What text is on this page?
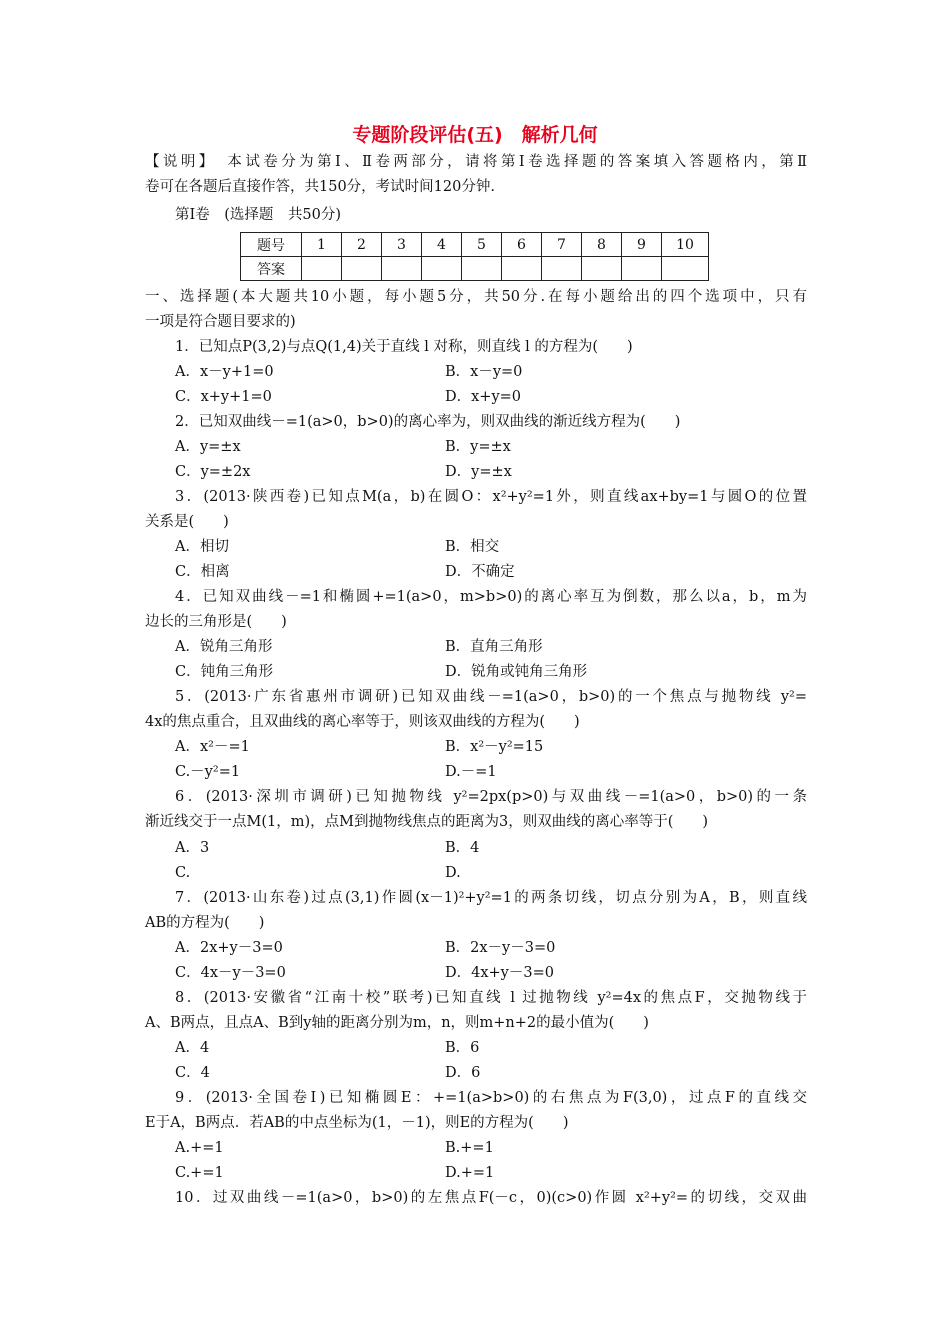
专题阶段评估(五)　解析几何
【说明】　本试卷分为第Ⅰ、Ⅱ卷两部分，请将第Ⅰ卷选择题的答案填入答题格内，第Ⅱ
卷可在各题后直接作答，共150分，考试时间120分钟.
第Ⅰ卷　(选择题　共50分)
题号	1	2	3	4	5	6	7	8	9	10
答案										
一、选择题(本大题共10小题，每小题5分，共50分.在每小题给出的四个选项中，只有
一项是符合题目要求的)
1．已知点P(3,2)与点Q(1,4)关于直线 l 对称，则直线 l 的方程为(　　)
A．x－y+1=0	B．x－y=0
C．x+y+1=0	D．x+y=0
2．已知双曲线－=1(a>0，b>0)的离心率为，则双曲线的渐近线方程为(　　)
A．y=±x	B．y=±x
C．y=±2x	D．y=±x
3．(2013·陕西卷)已知点M(a，b)在圆O：x²+y²=1外，则直线ax+by=1与圆O的位置
关系是(　　)
A．相切	B．相交
C．相离	D．不确定
4．已知双曲线－=1和椭圆+=1(a>0，m>b>0)的离心率互为倒数，那么以a，b，m为
边长的三角形是(　　)
A．锐角三角形	B．直角三角形
C．钝角三角形	D．锐角或钝角三角形
5．(2013·广东省惠州市调研)已知双曲线－=1(a>0，b>0)的一个焦点与抛物线 y²=
4x的焦点重合，且双曲线的离心率等于，则该双曲线的方程为(　　)
A．x²－=1	B．x²－y²=15
C.－y²=1	D.－=1
6．(2013·深圳市调研)已知抛物线 y²=2px(p>0)与双曲线－=1(a>0，b>0)的一条
渐近线交于一点M(1，m)，点M到抛物线焦点的距离为3，则双曲线的离心率等于(　　)
A．3	B．4
C.	D.
7．(2013·山东卷)过点(3,1)作圆(x－1)²+y²=1的两条切线，切点分别为A，B，则直线
AB的方程为(　　)
A．2x+y－3=0	B．2x－y－3=0
C．4x－y－3=0	D．4x+y－3=0
8．(2013·安徽省“江南十校”联考)已知直线 l 过抛物线 y²=4x的焦点F，交抛物线于
A、B两点，且点A、B到y轴的距离分别为m，n，则m+n+2的最小值为(　　)
A．4	B．6
C．4	D．6
9．(2013·全国卷Ⅰ)已知椭圆E：+=1(a>b>0)的右焦点为F(3,0)，过点F的直线交
E于A，B两点．若AB的中点坐标为(1，－1)，则E的方程为(　　)
A.+=1	B.+=1
C.+=1	D.+=1
10．过双曲线－=1(a>0，b>0)的左焦点F(－c，0)(c>0)作圆 x²+y²=的切线，交双曲
